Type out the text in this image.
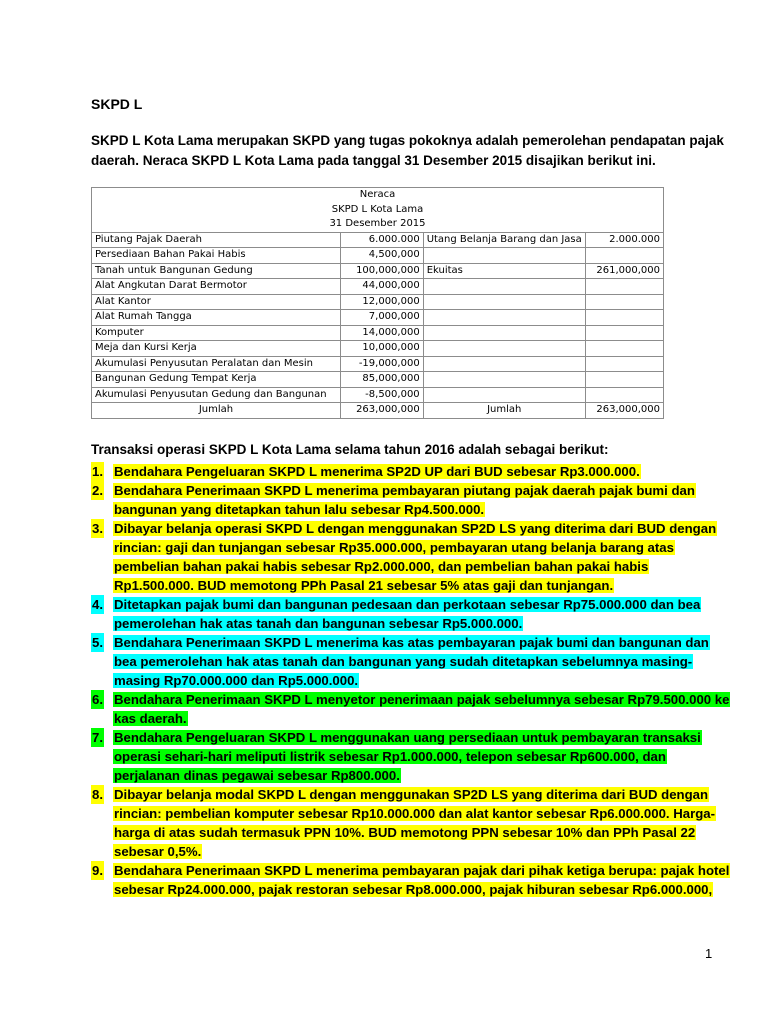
SKPD L
SKPD L Kota Lama merupakan SKPD yang tugas pokoknya adalah pemerolehan pendapatan pajak
daerah. Neraca SKPD L Kota Lama pada tanggal 31 Desember 2015 disajikan berikut ini.
Neraca			
SKPD L Kota Lama			
31 Desember 2015			
Piutang Pajak Daerah	6.000.000	Utang Belanja Barang dan Jasa	2.000.000
Persediaan Bahan Pakai Habis	4,500,000		
Tanah untuk Bangunan Gedung	100,000,000	Ekuitas	261,000,000
Alat Angkutan Darat Bermotor	44,000,000		
Alat Kantor	12,000,000		
Alat Rumah Tangga	7,000,000		
Komputer	14,000,000		
Meja dan Kursi Kerja	10,000,000		
Akumulasi Penyusutan Peralatan dan Mesin	-19,000,000		
Bangunan Gedung Tempat Kerja	85,000,000		
Akumulasi Penyusutan Gedung dan Bangunan	-8,500,000		
Jumlah	263,000,000	Jumlah	263,000,000
Transaksi operasi SKPD L Kota Lama selama tahun 2016 adalah sebagai berikut:
1. Bendahara Pengeluaran SKPD L menerima SP2D UP dari BUD sebesar Rp3.000.000.
2. Bendahara Penerimaan SKPD L menerima pembayaran piutang pajak daerah pajak bumi dan
bangunan yang ditetapkan tahun lalu sebesar Rp4.500.000.
3. Dibayar belanja operasi SKPD L dengan menggunakan SP2D LS yang diterima dari BUD dengan
rincian: gaji dan tunjangan sebesar Rp35.000.000, pembayaran utang belanja barang atas
pembelian bahan pakai habis sebesar Rp2.000.000, dan pembelian bahan pakai habis
Rp1.500.000. BUD memotong PPh Pasal 21 sebesar 5% atas gaji dan tunjangan.
4. Ditetapkan pajak bumi dan bangunan pedesaan dan perkotaan sebesar Rp75.000.000 dan bea
pemerolehan hak atas tanah dan bangunan sebesar Rp5.000.000.
5. Bendahara Penerimaan SKPD L menerima kas atas pembayaran pajak bumi dan bangunan dan
bea pemerolehan hak atas tanah dan bangunan yang sudah ditetapkan sebelumnya masing-
masing Rp70.000.000 dan Rp5.000.000.
6. Bendahara Penerimaan SKPD L menyetor penerimaan pajak sebelumnya sebesar Rp79.500.000 ke
kas daerah.
7. Bendahara Pengeluaran SKPD L menggunakan uang persediaan untuk pembayaran transaksi
operasi sehari-hari meliputi listrik sebesar Rp1.000.000, telepon sebesar Rp600.000, dan
perjalanan dinas pegawai sebesar Rp800.000.
8. Dibayar belanja modal SKPD L dengan menggunakan SP2D LS yang diterima dari BUD dengan
rincian: pembelian komputer sebesar Rp10.000.000 dan alat kantor sebesar Rp6.000.000. Harga-
harga di atas sudah termasuk PPN 10%. BUD memotong PPN sebesar 10% dan PPh Pasal 22
sebesar 0,5%.
9. Bendahara Penerimaan SKPD L menerima pembayaran pajak dari pihak ketiga berupa: pajak hotel
sebesar Rp24.000.000, pajak restoran sebesar Rp8.000.000, pajak hiburan sebesar Rp6.000.000,
1
